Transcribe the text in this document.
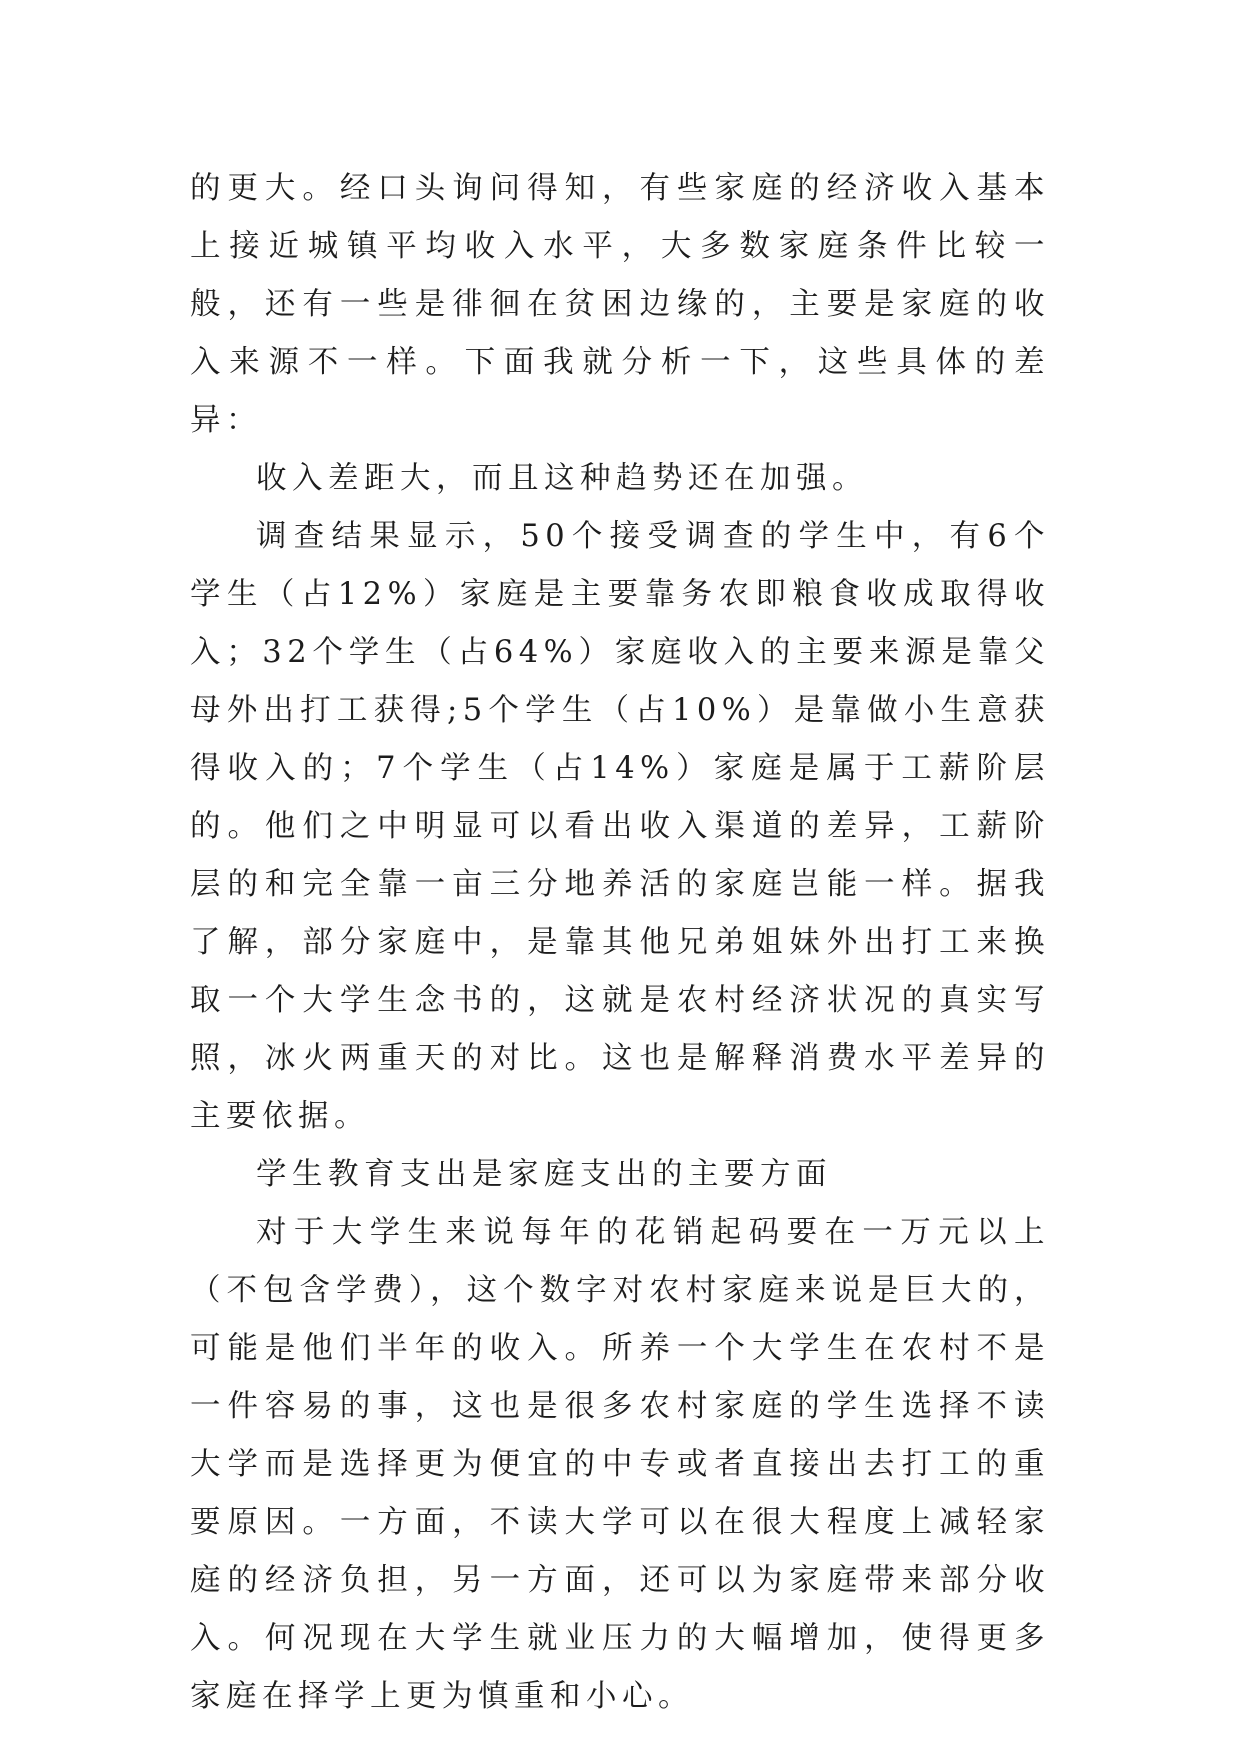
的更大。经口头询问得知，有些家庭的经济收入基本上接近城镇平均收入水平，大多数家庭条件比较一般，还有一些是徘徊在贫困边缘的，主要是家庭的收入来源不一样。下面我就分析一下，这些具体的差异：

收入差距大，而且这种趋势还在加强。

调查结果显示，50个接受调查的学生中，有6个学生（占12%）家庭是主要靠务农即粮食收成取得收入；32个学生（占64%）家庭收入的主要来源是靠父母外出打工获得;5个学生（占10%）是靠做小生意获得收入的；7个学生（占14%）家庭是属于工薪阶层的。他们之中明显可以看出收入渠道的差异，工薪阶层的和完全靠一亩三分地养活的家庭岂能一样。据我了解，部分家庭中，是靠其他兄弟姐妹外出打工来换取一个大学生念书的，这就是农村经济状况的真实写照，冰火两重天的对比。这也是解释消费水平差异的主要依据。

学生教育支出是家庭支出的主要方面

对于大学生来说每年的花销起码要在一万元以上（不包含学费），这个数字对农村家庭来说是巨大的，可能是他们半年的收入。所养一个大学生在农村不是一件容易的事，这也是很多农村家庭的学生选择不读大学而是选择更为便宜的中专或者直接出去打工的重要原因。一方面，不读大学可以在很大程度上减轻家庭的经济负担，另一方面，还可以为家庭带来部分收入。何况现在大学生就业压力的大幅增加，使得更多家庭在择学上更为慎重和小心。
